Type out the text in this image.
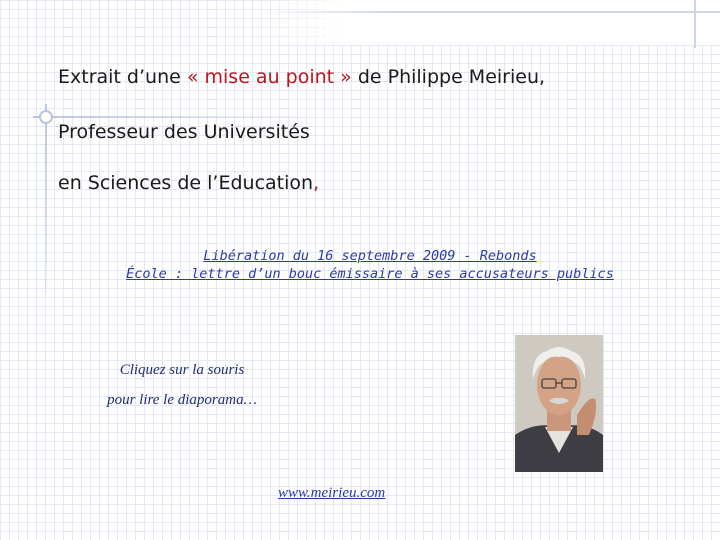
Extrait d’une « mise au point » de Philippe Meirieu,
Professeur des Universités
en Sciences de l’Education,
Libération du 16 septembre 2009 - Rebonds
École : lettre d’un bouc émissaire à ses accusateurs publics
Cliquez sur la souris
pour lire le diaporama…
www.meirieu.com
